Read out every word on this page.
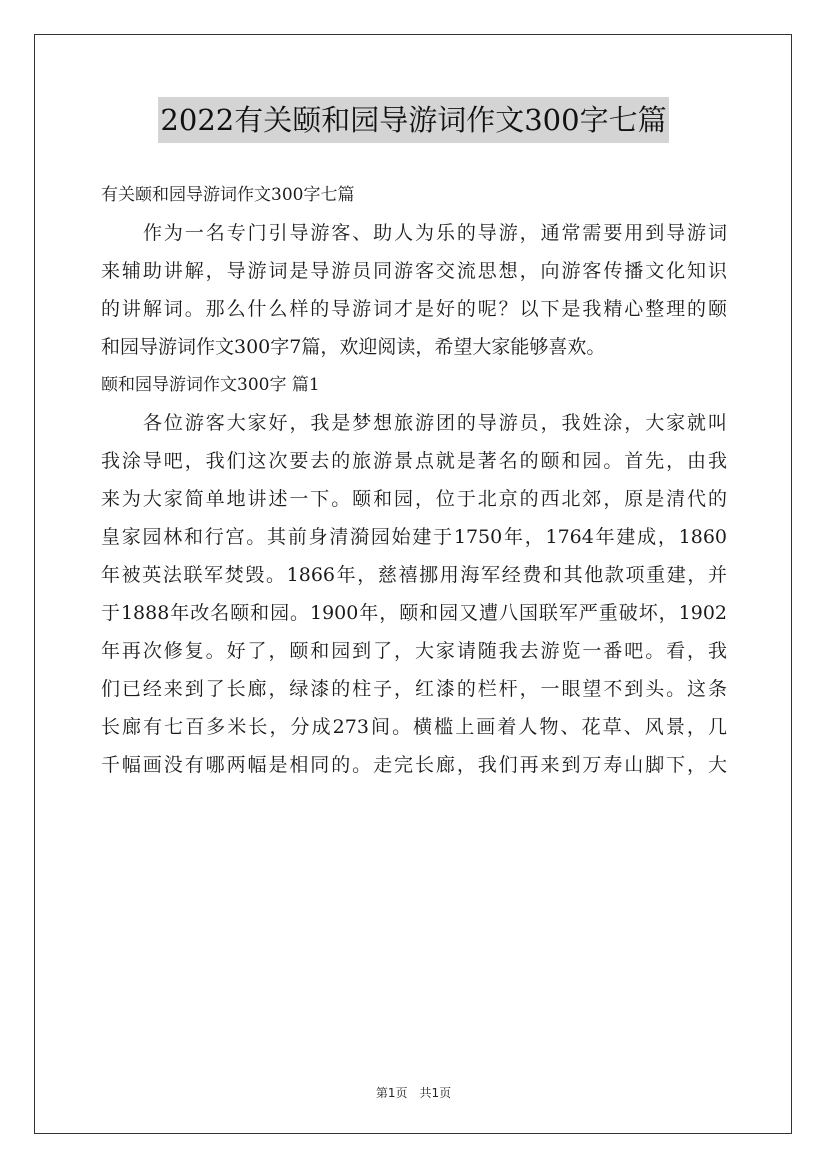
2022有关颐和园导游词作文300字七篇
有关颐和园导游词作文300字七篇
作为一名专门引导游客、助人为乐的导游，通常需要用到导游词
来辅助讲解，导游词是导游员同游客交流思想，向游客传播文化知识
的讲解词。那么什么样的导游词才是好的呢？以下是我精心整理的颐
和园导游词作文300字7篇，欢迎阅读，希望大家能够喜欢。
颐和园导游词作文300字 篇1
各位游客大家好，我是梦想旅游团的导游员，我姓涂，大家就叫
我涂导吧，我们这次要去的旅游景点就是著名的颐和园。首先，由我
来为大家简单地讲述一下。颐和园，位于北京的西北郊，原是清代的
皇家园林和行宫。其前身清漪园始建于1750年，1764年建成，1860
年被英法联军焚毁。1866年，慈禧挪用海军经费和其他款项重建，并
于1888年改名颐和园。1900年，颐和园又遭八国联军严重破坏，1902
年再次修复。好了，颐和园到了，大家请随我去游览一番吧。看，我
们已经来到了长廊，绿漆的柱子，红漆的栏杆，一眼望不到头。这条
长廊有七百多米长，分成273间。横槛上画着人物、花草、风景，几
千幅画没有哪两幅是相同的。走完长廊，我们再来到万寿山脚下，大
第1页 共1页
